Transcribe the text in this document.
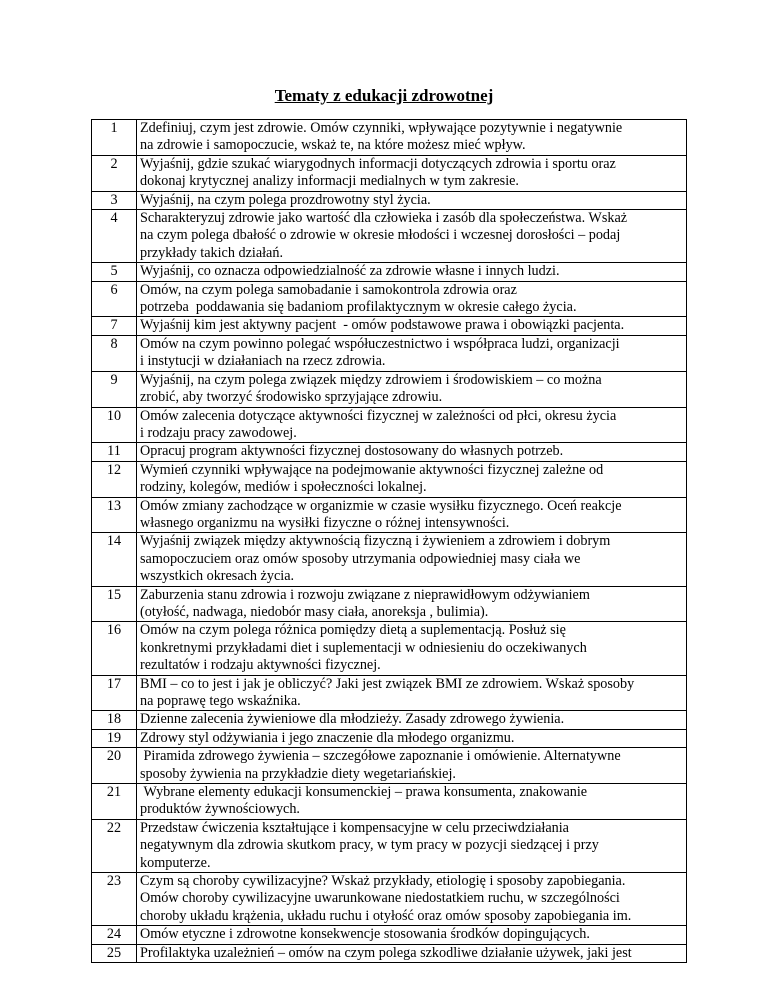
Tematy z edukacji zdrowotnej
1	Zdefiniuj, czym jest zdrowie. Omów czynniki, wpływające pozytywnie i negatywnie
na zdrowie i samopoczucie, wskaż te, na które możesz mieć wpływ.
2	Wyjaśnij, gdzie szukać wiarygodnych informacji dotyczących zdrowia i sportu oraz
dokonaj krytycznej analizy informacji medialnych w tym zakresie.
3	Wyjaśnij, na czym polega prozdrowotny styl życia.
4	Scharakteryzuj zdrowie jako wartość dla człowieka i zasób dla społeczeństwa. Wskaż
na czym polega dbałość o zdrowie w okresie młodości i wczesnej dorosłości – podaj
przykłady takich działań.
5	Wyjaśnij, co oznacza odpowiedzialność za zdrowie własne i innych ludzi.
6	Omów, na czym polega samobadanie i samokontrola zdrowia oraz
potrzeba  poddawania się badaniom profilaktycznym w okresie całego życia.
7	Wyjaśnij kim jest aktywny pacjent  - omów podstawowe prawa i obowiązki pacjenta.
8	Omów na czym powinno polegać współuczestnictwo i współpraca ludzi, organizacji
i instytucji w działaniach na rzecz zdrowia.
9	Wyjaśnij, na czym polega związek między zdrowiem i środowiskiem – co można
zrobić, aby tworzyć środowisko sprzyjające zdrowiu.
10	Omów zalecenia dotyczące aktywności fizycznej w zależności od płci, okresu życia
i rodzaju pracy zawodowej.
11	Opracuj program aktywności fizycznej dostosowany do własnych potrzeb.
12	Wymień czynniki wpływające na podejmowanie aktywności fizycznej zależne od
rodziny, kolegów, mediów i społeczności lokalnej.
13	Omów zmiany zachodzące w organizmie w czasie wysiłku fizycznego. Oceń reakcje
własnego organizmu na wysiłki fizyczne o różnej intensywności.
14	Wyjaśnij związek między aktywnością fizyczną i żywieniem a zdrowiem i dobrym
samopoczuciem oraz omów sposoby utrzymania odpowiedniej masy ciała we
wszystkich okresach życia.
15	Zaburzenia stanu zdrowia i rozwoju związane z nieprawidłowym odżywianiem
(otyłość, nadwaga, niedobór masy ciała, anoreksja , bulimia).
16	Omów na czym polega różnica pomiędzy dietą a suplementacją. Posłuż się
konkretnymi przykładami diet i suplementacji w odniesieniu do oczekiwanych
rezultatów i rodzaju aktywności fizycznej.
17	BMI – co to jest i jak je obliczyć? Jaki jest związek BMI ze zdrowiem. Wskaż sposoby
na poprawę tego wskaźnika.
18	Dzienne zalecenia żywieniowe dla młodzieży. Zasady zdrowego żywienia.
19	Zdrowy styl odżywiania i jego znaczenie dla młodego organizmu.
20	Piramida zdrowego żywienia – szczegółowe zapoznanie i omówienie. Alternatywne
sposoby żywienia na przykładzie diety wegetariańskiej.
21	Wybrane elementy edukacji konsumenckiej – prawa konsumenta, znakowanie
produktów żywnościowych.
22	Przedstaw ćwiczenia kształtujące i kompensacyjne w celu przeciwdziałania
negatywnym dla zdrowia skutkom pracy, w tym pracy w pozycji siedzącej i przy
komputerze.
23	Czym są choroby cywilizacyjne? Wskaż przykłady, etiologię i sposoby zapobiegania.
Omów choroby cywilizacyjne uwarunkowane niedostatkiem ruchu, w szczególności
choroby układu krążenia, układu ruchu i otyłość oraz omów sposoby zapobiegania im.
24	Omów etyczne i zdrowotne konsekwencje stosowania środków dopingujących.
25	Profilaktyka uzależnień – omów na czym polega szkodliwe działanie używek, jaki jest
